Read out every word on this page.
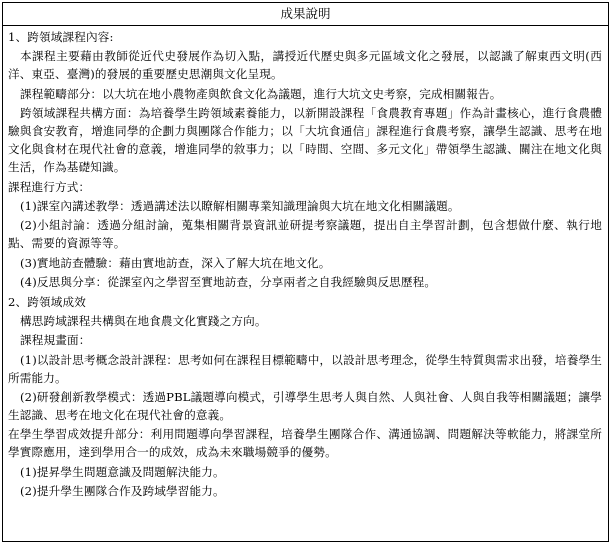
成果說明
1、跨領域課程內容:
本課程主要藉由教師從近代史發展作為切入點，講授近代歷史與多元區域文化之發展，以認識了解東西文明(西洋、東亞、臺灣)的發展的重要歷史思潮與文化呈現。
課程範疇部分：以大坑在地小農物產與飲食文化為議題，進行大坑文史考察，完成相關報告。
跨領域課程共構方面：為培養學生跨領域素養能力，以新開設課程「食農教育專題」作為計畫核心，進行食農體驗與食安教育，增進同學的企劃力與團隊合作能力；以「大坑食通信」課程進行食農考察，讓學生認識、思考在地文化與食材在現代社會的意義，增進同學的敘事力；以「時間、空間、多元文化」帶領學生認識、關注在地文化與生活，作為基礎知識。
課程進行方式：
(1)課室內講述教學：透過講述法以瞭解相關專業知識理論與大坑在地文化相關議題。
(2)小組討論：透過分組討論，蒐集相關背景資訊並研提考察議題，提出自主學習計劃，包含想做什麼、執行地點、需要的資源等等。
(3)實地訪查體驗：藉由實地訪查，深入了解大坑在地文化。
(4)反思與分享：從課室內之學習至實地訪查，分享兩者之自我經驗與反思歷程。
2、跨領域成效
構思跨域課程共構與在地食農文化實踐之方向。
課程規畫面：
(1)以設計思考概念設計課程：思考如何在課程目標範疇中，以設計思考理念，從學生特質與需求出發，培養學生所需能力。
(2)研發創新教學模式：透過PBL議題導向模式，引導學生思考人與自然、人與社會、人與自我等相關議題；讓學生認識、思考在地文化在現代社會的意義。
在學生學習成效提升部分：利用問題導向學習課程，培養學生團隊合作、溝通協調、問題解決等軟能力，將課堂所學實際應用，達到學用合一的成效，成為未來職場競爭的優勢。
(1)提昇學生問題意識及問題解決能力。
(2)提升學生團隊合作及跨域學習能力。
